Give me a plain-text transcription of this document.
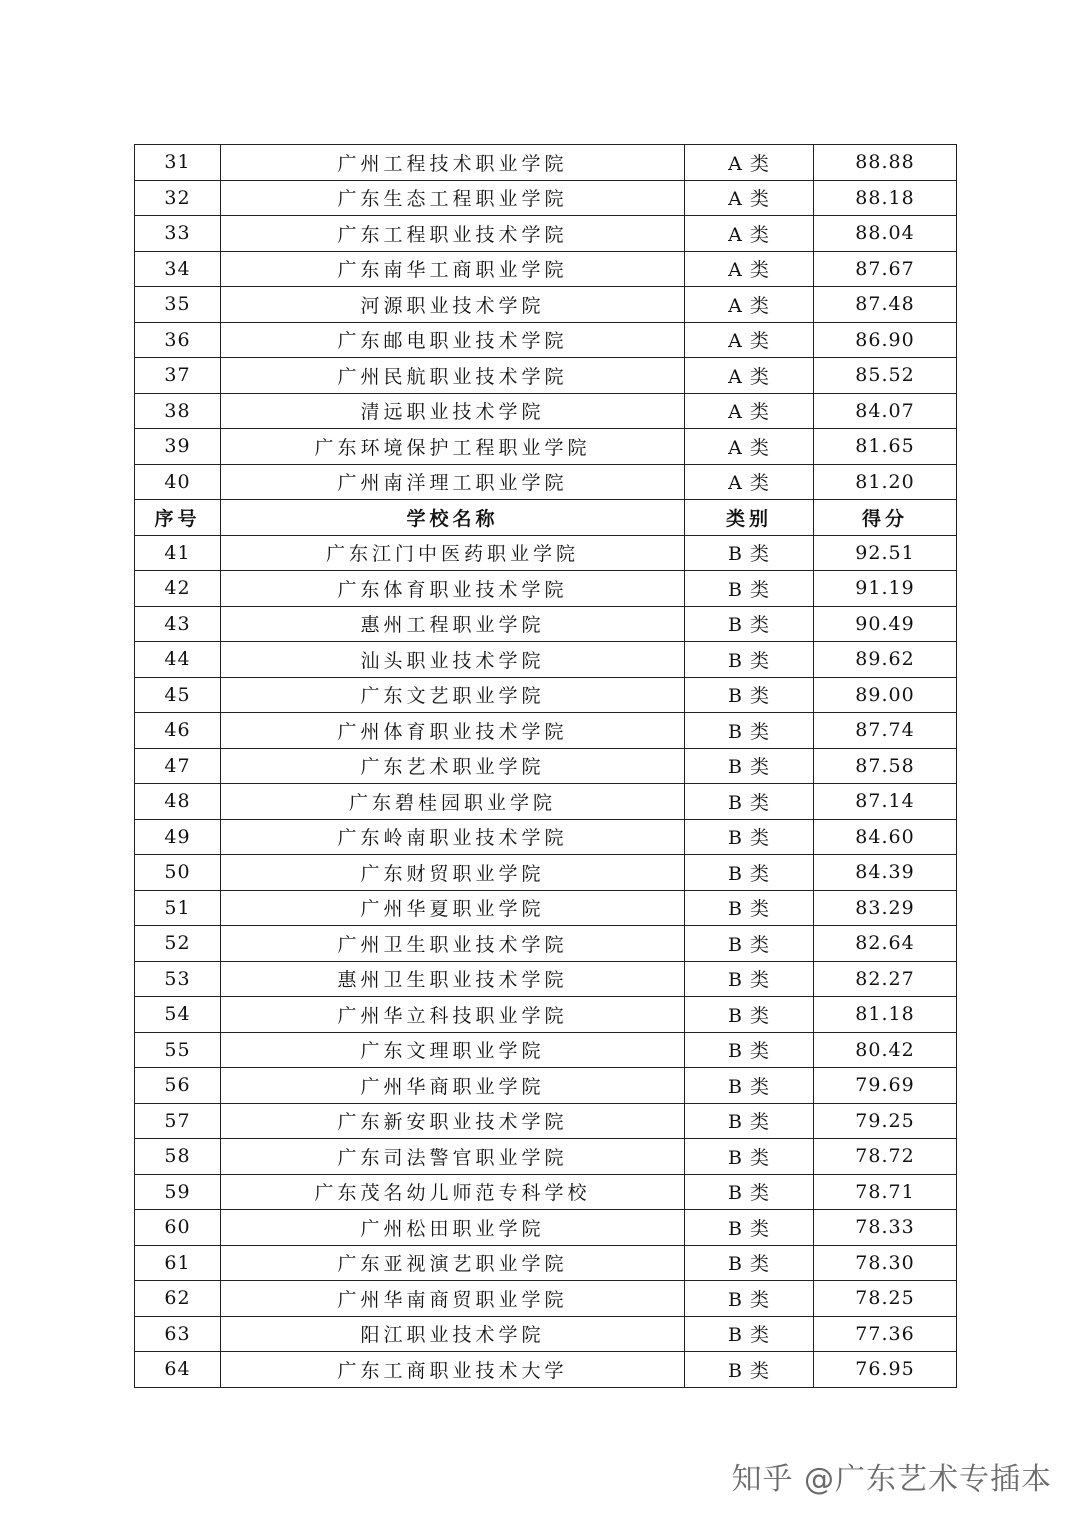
31	广州工程技术职业学院	A 类	88.88
32	广东生态工程职业学院	A 类	88.18
33	广东工程职业技术学院	A 类	88.04
34	广东南华工商职业学院	A 类	87.67
35	河源职业技术学院	A 类	87.48
36	广东邮电职业技术学院	A 类	86.90
37	广州民航职业技术学院	A 类	85.52
38	清远职业技术学院	A 类	84.07
39	广东环境保护工程职业学院	A 类	81.65
40	广州南洋理工职业学院	A 类	81.20
序号	学校名称	类别	得分
41	广东江门中医药职业学院	B 类	92.51
42	广东体育职业技术学院	B 类	91.19
43	惠州工程职业学院	B 类	90.49
44	汕头职业技术学院	B 类	89.62
45	广东文艺职业学院	B 类	89.00
46	广州体育职业技术学院	B 类	87.74
47	广东艺术职业学院	B 类	87.58
48	广东碧桂园职业学院	B 类	87.14
49	广东岭南职业技术学院	B 类	84.60
50	广东财贸职业学院	B 类	84.39
51	广州华夏职业学院	B 类	83.29
52	广州卫生职业技术学院	B 类	82.64
53	惠州卫生职业技术学院	B 类	82.27
54	广州华立科技职业学院	B 类	81.18
55	广东文理职业学院	B 类	80.42
56	广州华商职业学院	B 类	79.69
57	广东新安职业技术学院	B 类	79.25
58	广东司法警官职业学院	B 类	78.72
59	广东茂名幼儿师范专科学校	B 类	78.71
60	广州松田职业学院	B 类	78.33
61	广东亚视演艺职业学院	B 类	78.30
62	广州华南商贸职业学院	B 类	78.25
63	阳江职业技术学院	B 类	77.36
64	广东工商职业技术大学	B 类	76.95
知乎 @广东艺术专插本
